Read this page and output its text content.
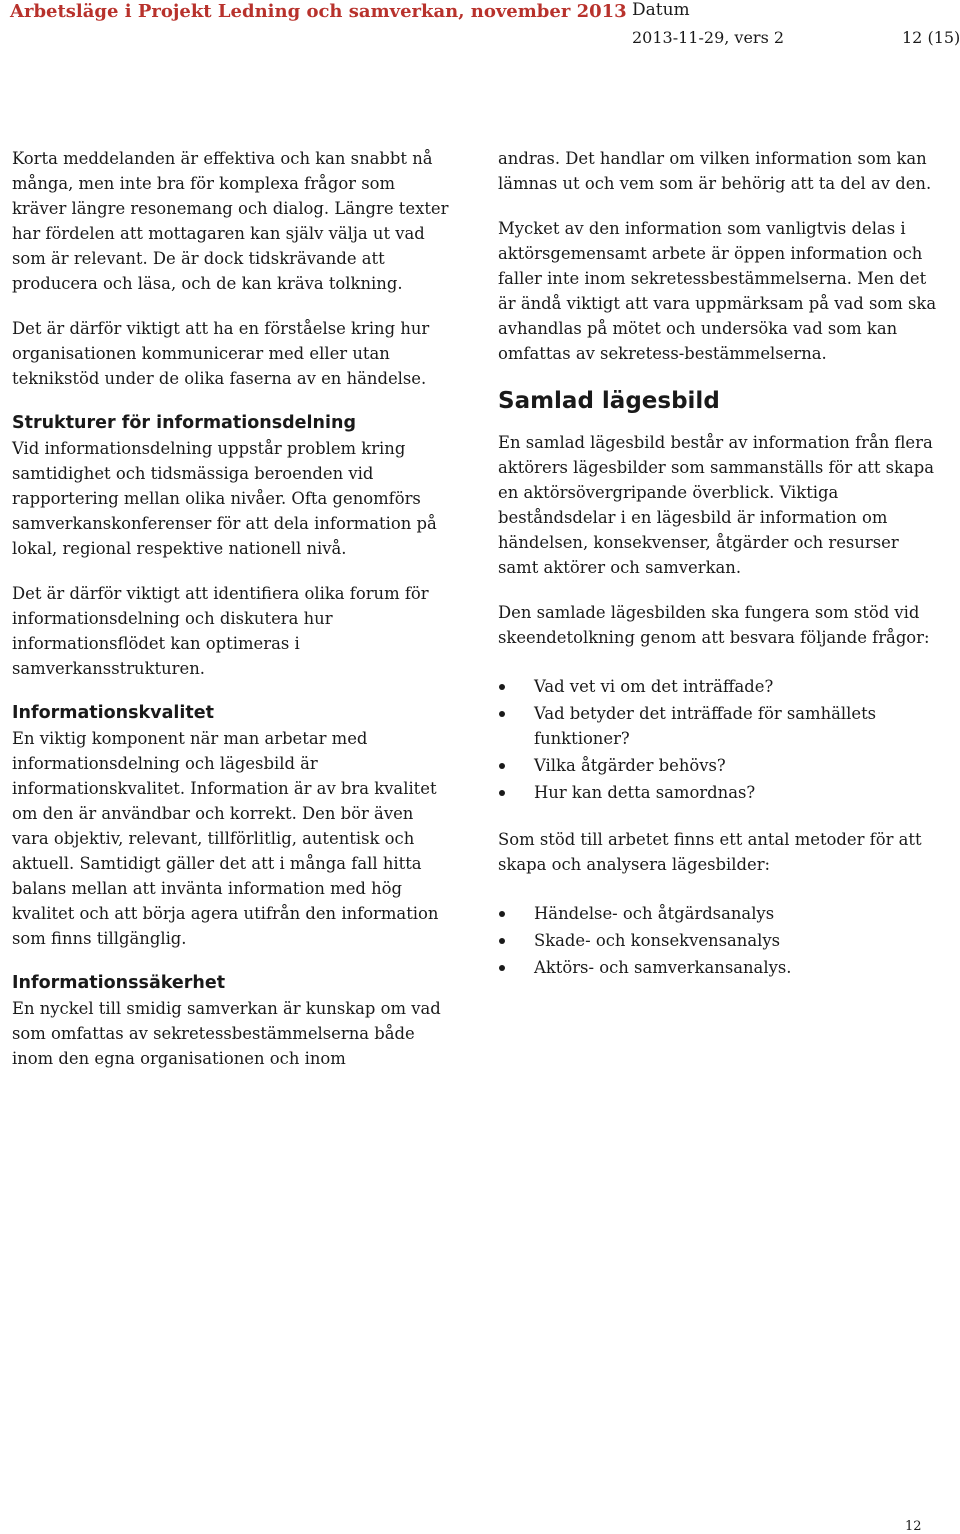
Arbetsläge i Projekt Ledning och samverkan, november 2013 Datum
2013-11-29, vers 2	12 (15)

Korta meddelanden är effektiva och kan snabbt nå många, men inte bra för komplexa frågor som kräver längre resonemang och dialog. Längre texter har fördelen att mottagaren kan själv välja ut vad som är relevant. De är dock tidskrävande att producera och läsa, och de kan kräva tolkning.

Det är därför viktigt att ha en förståelse kring hur organisationen kommunicerar med eller utan teknikstöd under de olika faserna av en händelse.

Strukturer för informationsdelning

Vid informationsdelning uppstår problem kring samtidighet och tidsmässiga beroenden vid rapportering mellan olika nivåer. Ofta genomförs samverkanskonferenser för att dela information på lokal, regional respektive nationell nivå.

Det är därför viktigt att identifiera olika forum för informationsdelning och diskutera hur informationsflödet kan optimeras i samverkansstrukturen.

Informationskvalitet

En viktig komponent när man arbetar med informationsdelning och lägesbild är informationskvalitet. Information är av bra kvalitet om den är användbar och korrekt. Den bör även vara objektiv, relevant, tillförlitlig, autentisk och aktuell. Samtidigt gäller det att i många fall hitta balans mellan att invänta information med hög kvalitet och att börja agera utifrån den information som finns tillgänglig.

Informationssäkerhet

En nyckel till smidig samverkan är kunskap om vad som omfattas av sekretessbestämmelserna både inom den egna organisationen och inom

andras. Det handlar om vilken information som kan lämnas ut och vem som är behörig att ta del av den.

Mycket av den information som vanligtvis delas i aktörsgemensamt arbete är öppen information och faller inte inom sekretessbestämmelserna. Men det är ändå viktigt att vara uppmärksam på vad som ska avhandlas på mötet och undersöka vad som kan omfattas av sekretess-bestämmelserna.

Samlad lägesbild

En samlad lägesbild består av information från flera aktörers lägesbilder som sammanställs för att skapa en aktörsövergripande överblick. Viktiga beståndsdelar i en lägesbild är information om händelsen, konsekvenser, åtgärder och resurser samt aktörer och samverkan.

Den samlade lägesbilden ska fungera som stöd vid skeendetolkning genom att besvara följande frågor:

Vad vet vi om det inträffade?
Vad betyder det inträffade för samhällets funktioner?
Vilka åtgärder behövs?
Hur kan detta samordnas?

Som stöd till arbetet finns ett antal metoder för att skapa och analysera lägesbilder:

Händelse- och åtgärdsanalys
Skade- och konsekvensanalys
Aktörs- och samverkansanalys.
12
